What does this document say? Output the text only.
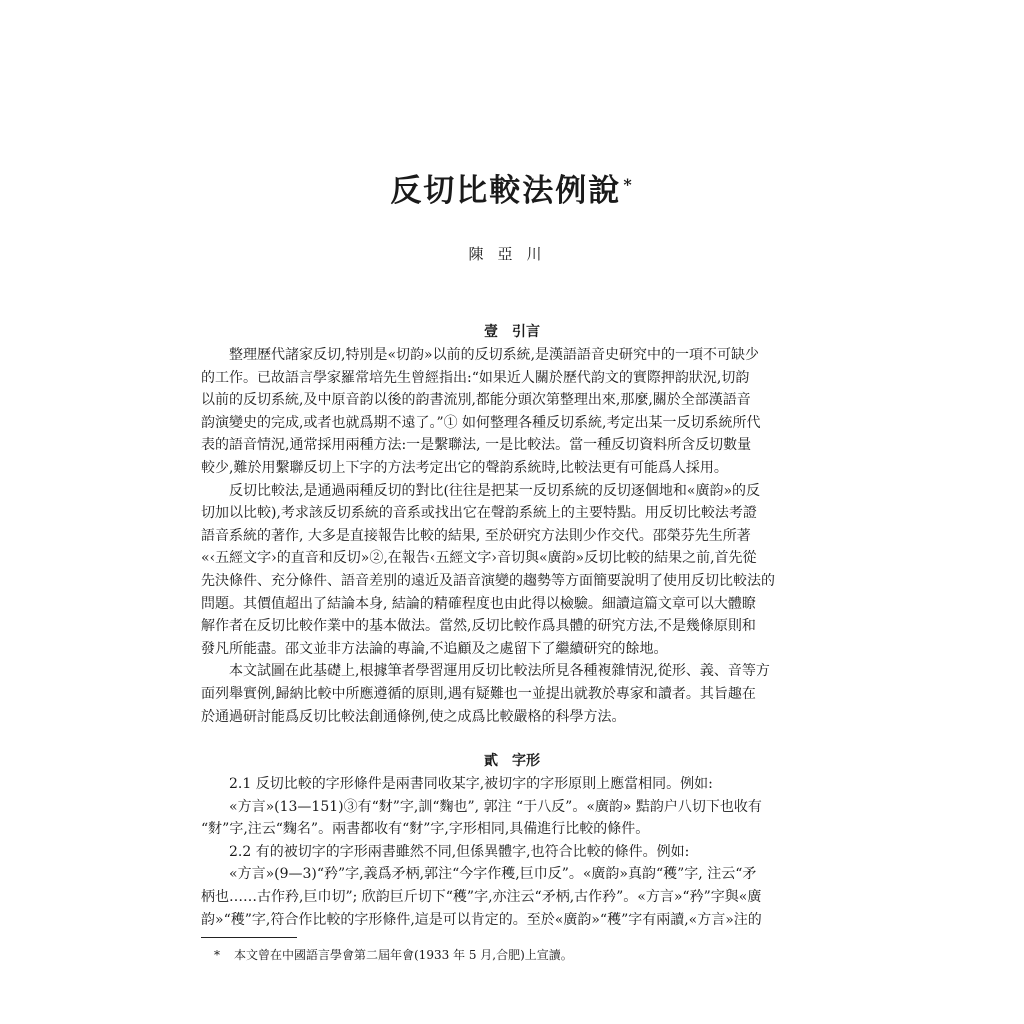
反切比較法例說 *
陳亞川
壹 引言
　　整理歷代諸家反切,特別是«切韵»以前的反切系統,是漢語語音史研究中的一項不可缺少
的工作。已故語言學家羅常培先生曾經指出:“如果近人關於歷代韵文的實際押韵狀況,切韵
以前的反切系統,及中原音韵以後的韵書流別,都能分頭次第整理出來,那麼,關於全部漢語音
韵演變史的完成,或者也就爲期不遠了。”① 如何整理各種反切系統,考定出某一反切系統所代
表的語音情況,通常採用兩種方法:一是繫聯法, 一是比較法。當一種反切資料所含反切數量
較少,難於用繫聯反切上下字的方法考定出它的聲韵系統時,比較法更有可能爲人採用。
　　反切比較法,是通過兩種反切的對比(往往是把某一反切系統的反切逐個地和«廣韵»的反
切加以比較),考求該反切系統的音系或找出它在聲韵系統上的主要特點。用反切比較法考證
語音系統的著作, 大多是直接報告比較的結果, 至於研究方法則少作交代。邵榮芬先生所著
«‹五經文字›的直音和反切»②,在報告‹五經文字›音切與«廣韵»反切比較的結果之前,首先從
先決條件、充分條件、語音差別的遠近及語音演變的趨勢等方面簡要說明了使用反切比較法的
問題。其價值超出了結論本身, 結論的精確程度也由此得以檢驗。細讀這篇文章可以大體瞭
解作者在反切比較作業中的基本做法。當然,反切比較作爲具體的研究方法,不是幾條原則和
發凡所能盡。邵文並非方法論的專論,不追顧及之處留下了繼續研究的餘地。
　　本文試圖在此基礎上,根據筆者學習運用反切比較法所見各種複雜情況,從形、義、音等方
面列舉實例,歸納比較中所應遵循的原則,遇有疑難也一並提出就教於專家和讀者。其旨趣在
於通過研討能爲反切比較法創通條例,使之成爲比較嚴格的科學方法。
貳 字形
　　2.1 反切比較的字形條件是兩書同收某字,被切字的字形原則上應當相同。例如:
　　«方言»(13—151)③有“䴭”字,訓“麴也”, 郭注 “于八反”。«廣韵» 黠韵户八切下也收有
“䴭”字,注云“麴名”。兩書都收有“䴭”字,字形相同,具備進行比較的條件。
　　2.2 有的被切字的字形兩書雖然不同,但係異體字,也符合比較的條件。例如:
　　«方言»(9—3)“矜”字,義爲矛柄,郭注“今字作穫,巨巾反”。«廣韵»真韵“穫”字, 注云“矛
柄也……古作矜,巨巾切”; 欣韵巨斤切下“穫”字,亦注云“矛柄,古作矜”。«方言»“矜”字與«廣
韵»“穫”字,符合作比較的字形條件,這是可以肯定的。至於«廣韵»“穫”字有兩讀,«方言»注的
* 本文曾在中國語言學會第二屆年會(1933 年 5 月,合肥)上宣讀。
